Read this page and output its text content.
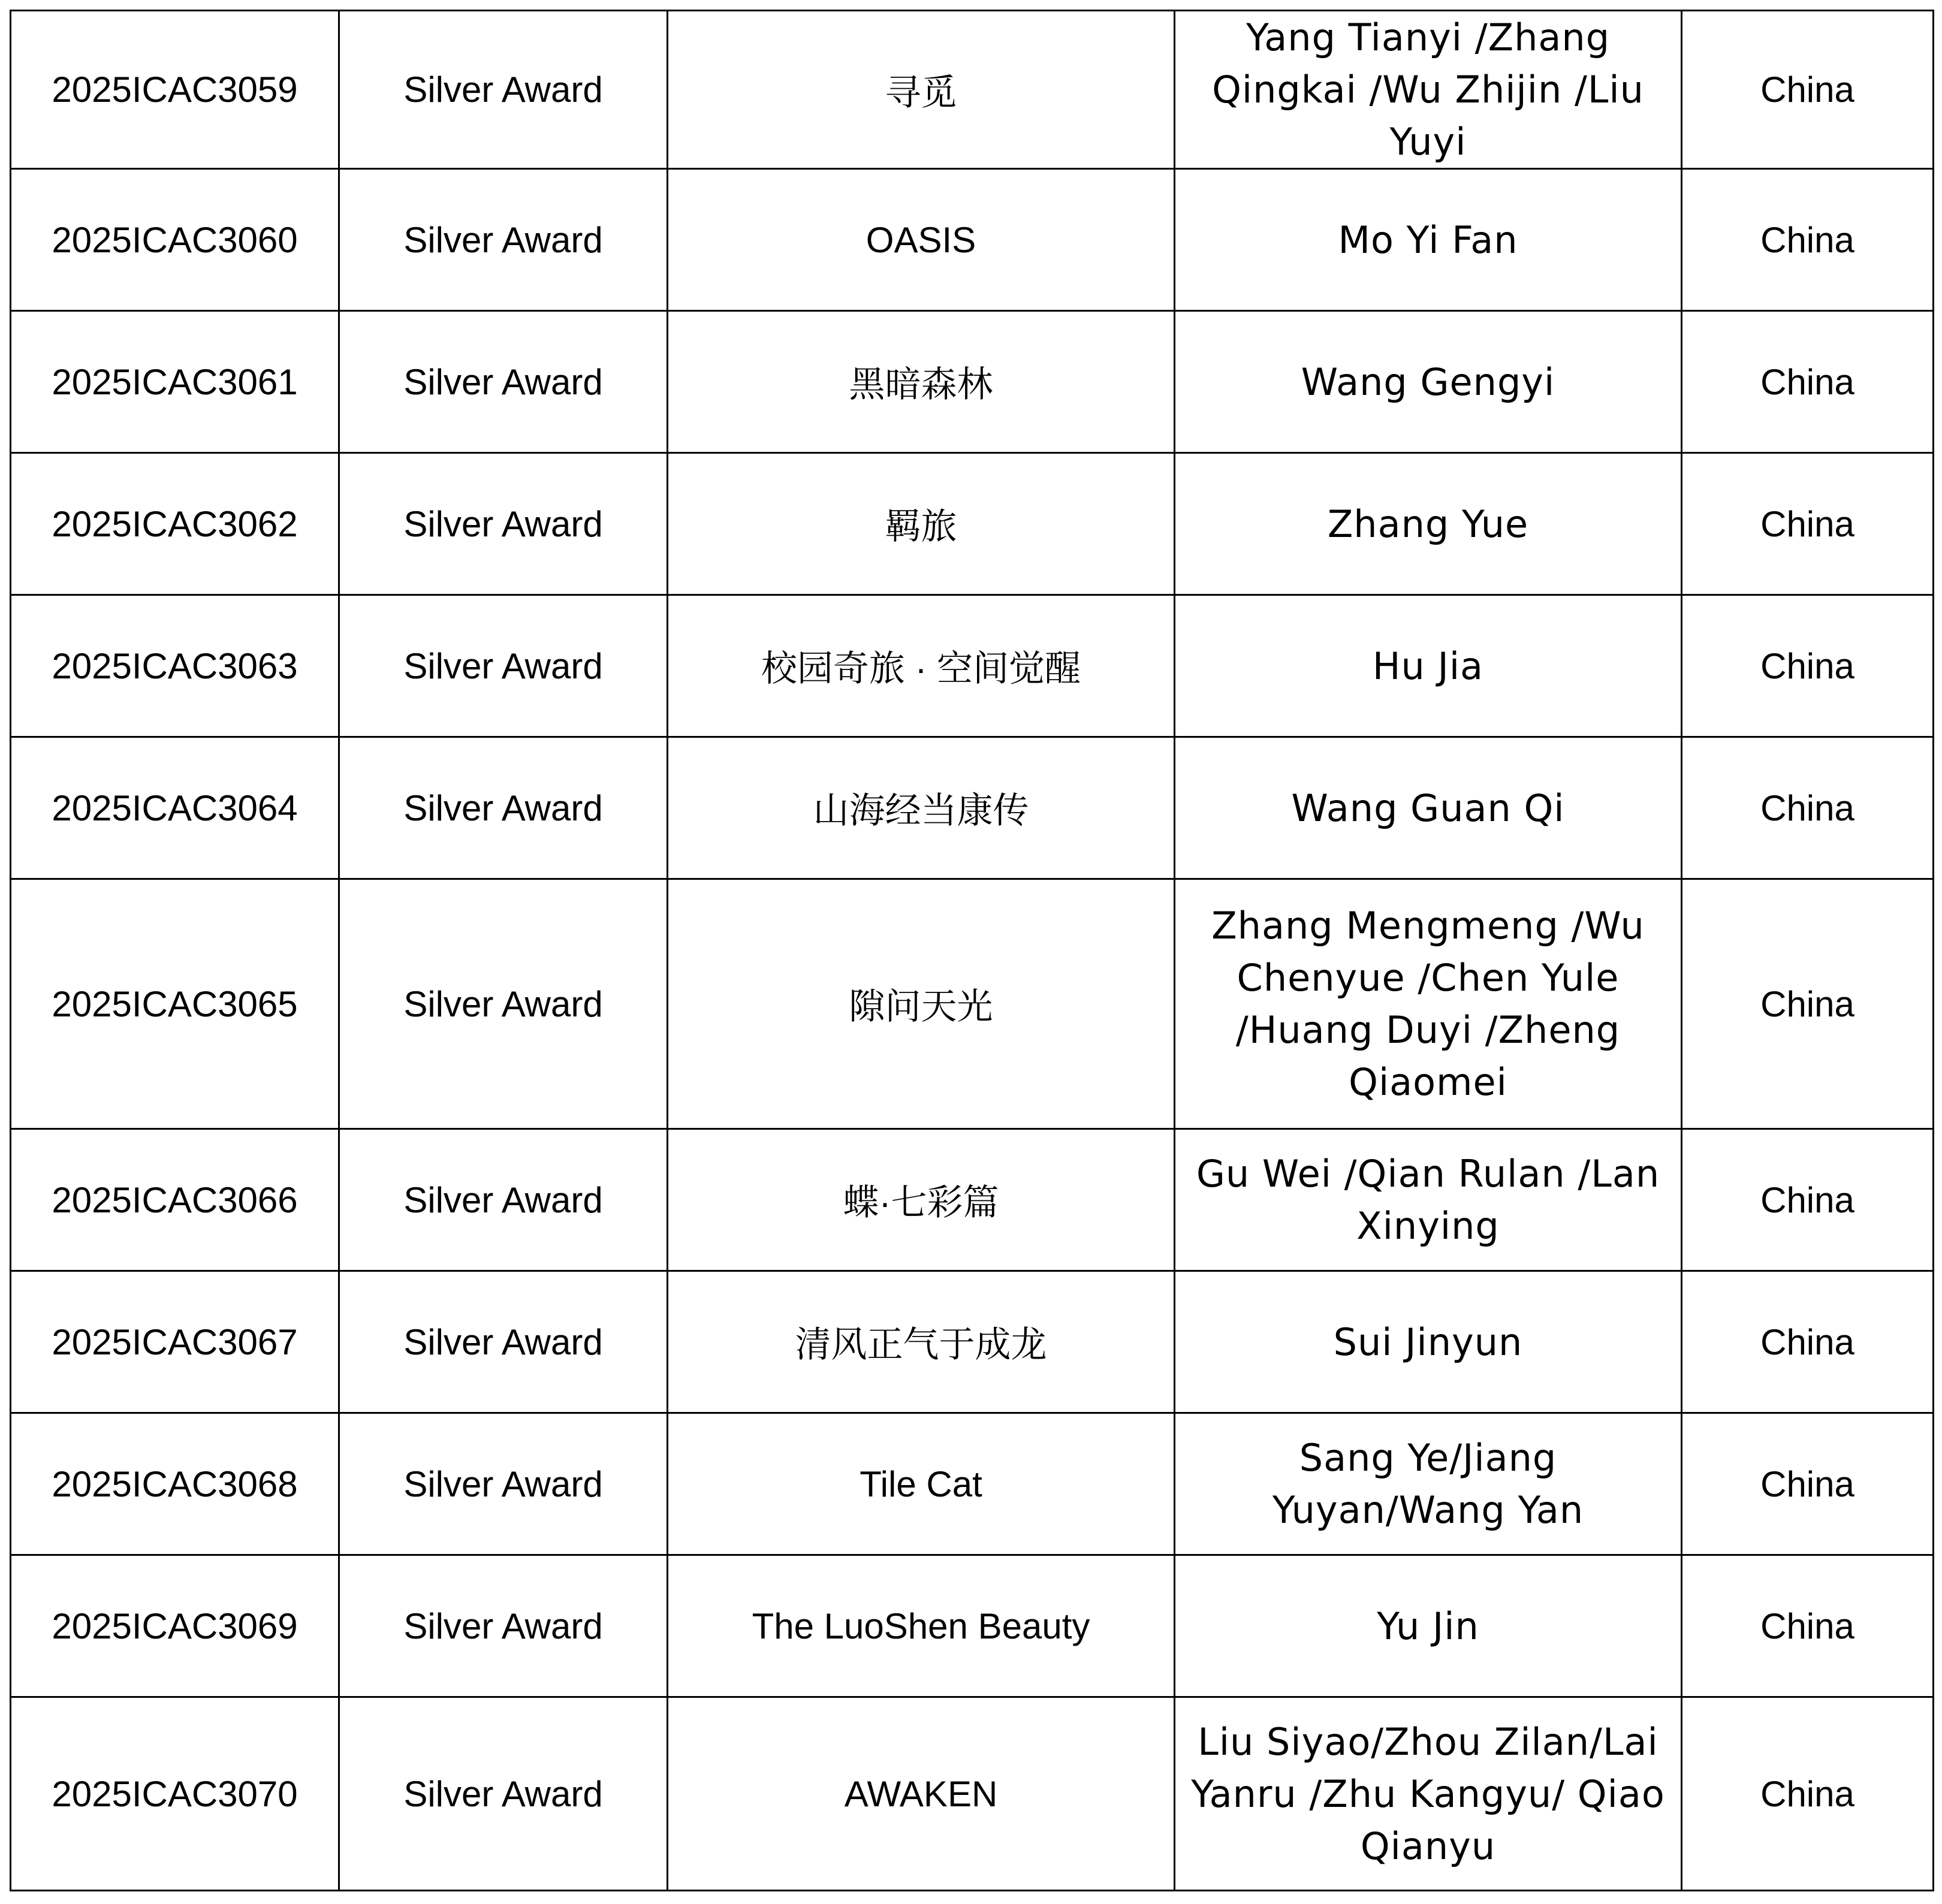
2025ICAC3059	Silver Award	寻觅	Yang Tianyi /Zhang Qingkai /Wu Zhijin /Liu Yuyi	China
2025ICAC3060	Silver Award	OASIS	Mo Yi Fan	China
2025ICAC3061	Silver Award	黑暗森林	Wang Gengyi	China
2025ICAC3062	Silver Award	羁旅	Zhang Yue	China
2025ICAC3063	Silver Award	校园奇旅 · 空间觉醒	Hu Jia	China
2025ICAC3064	Silver Award	山海经当康传	Wang Guan Qi	China
2025ICAC3065	Silver Award	隙问天光	Zhang Mengmeng /Wu Chenyue /Chen Yule /Huang Duyi /Zheng Qiaomei	China
2025ICAC3066	Silver Award	蝶·七彩篇	Gu Wei /Qian Rulan /Lan Xinying	China
2025ICAC3067	Silver Award	清风正气于成龙	Sui Jinyun	China
2025ICAC3068	Silver Award	Tile Cat	Sang Ye/Jiang Yuyan/Wang Yan	China
2025ICAC3069	Silver Award	The LuoShen Beauty	Yu Jin	China
2025ICAC3070	Silver Award	AWAKEN	Liu Siyao/Zhou Zilan/Lai Yanru /Zhu Kangyu/ Qiao Qianyu	China
